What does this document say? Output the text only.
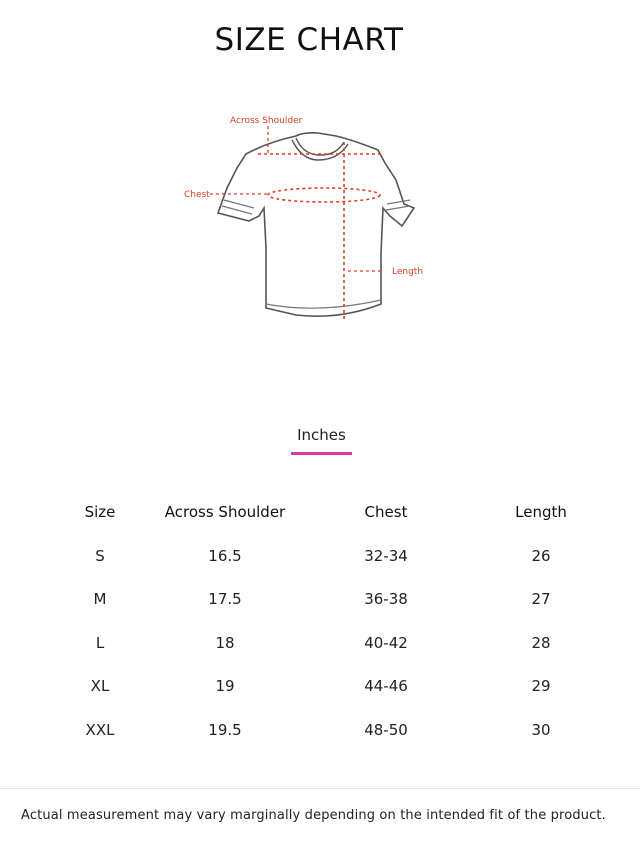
SIZE CHART
Across Shoulder
Chest
Length
Inches
Size	Across Shoulder	Chest	Length
S	16.5	32-34	26
M	17.5	36-38	27
L	18	40-42	28
XL	19	44-46	29
XXL	19.5	48-50	30
Actual measurement may vary marginally depending on the intended fit of the product.
